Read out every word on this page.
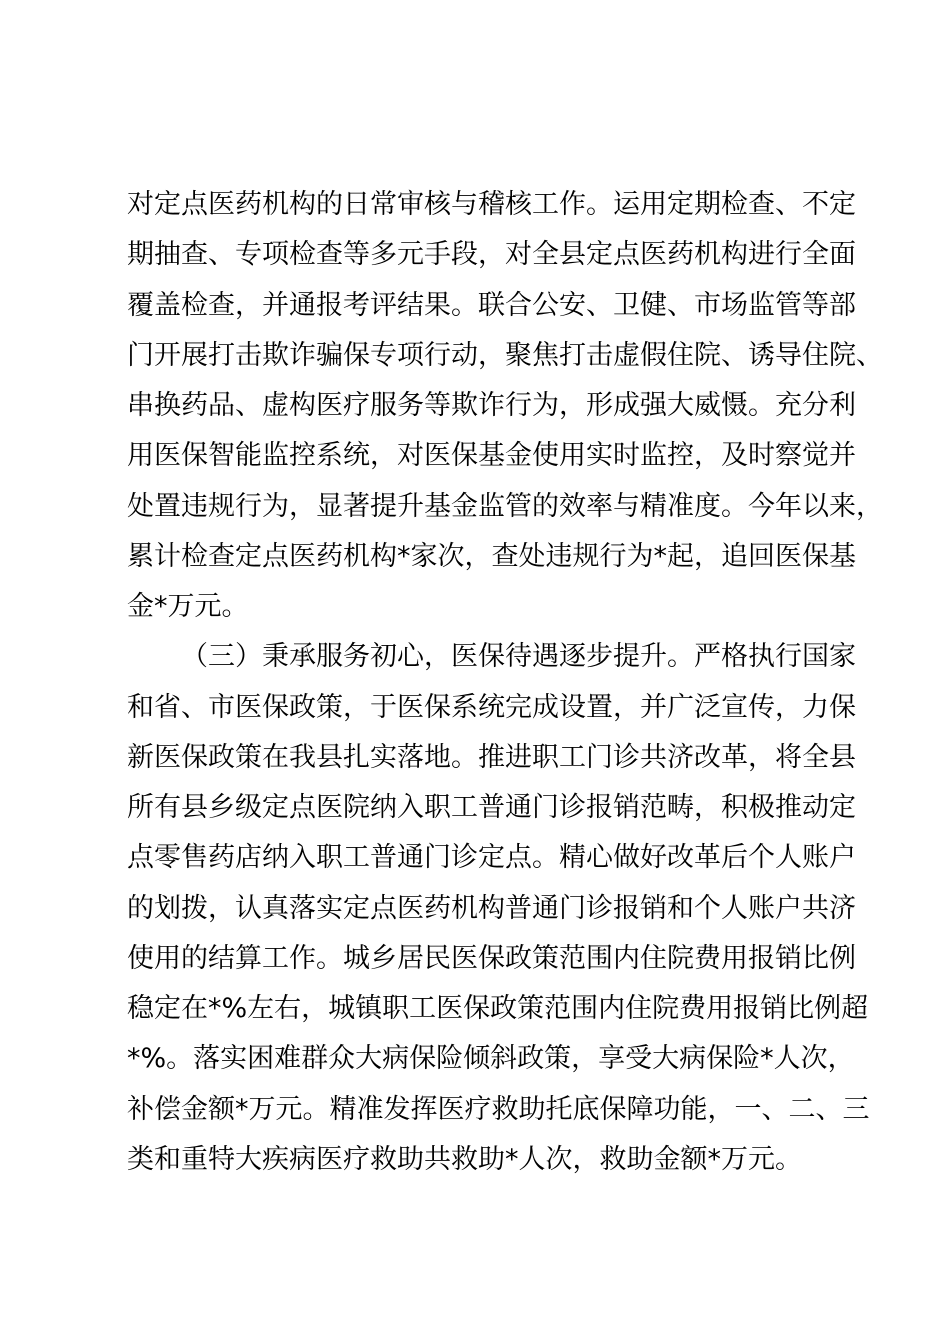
对定点医药机构的日常审核与稽核工作。运用定期检查、不定
期抽查、专项检查等多元手段，对全县定点医药机构进行全面
覆盖检查，并通报考评结果。联合公安、卫健、市场监管等部
门开展打击欺诈骗保专项行动，聚焦打击虚假住院、诱导住院、
串换药品、虚构医疗服务等欺诈行为，形成强大威慑。充分利
用医保智能监控系统，对医保基金使用实时监控，及时察觉并
处置违规行为，显著提升基金监管的效率与精准度。今年以来，
累计检查定点医药机构*家次，查处违规行为*起，追回医保基
金*万元。
（三）秉承服务初心，医保待遇逐步提升。严格执行国家
和省、市医保政策，于医保系统完成设置，并广泛宣传，力保
新医保政策在我县扎实落地。推进职工门诊共济改革，将全县
所有县乡级定点医院纳入职工普通门诊报销范畴，积极推动定
点零售药店纳入职工普通门诊定点。精心做好改革后个人账户
的划拨，认真落实定点医药机构普通门诊报销和个人账户共济
使用的结算工作。城乡居民医保政策范围内住院费用报销比例
稳定在*%左右，城镇职工医保政策范围内住院费用报销比例超
*%。落实困难群众大病保险倾斜政策，享受大病保险*人次，
补偿金额*万元。精准发挥医疗救助托底保障功能，一、二、三
类和重特大疾病医疗救助共救助*人次，救助金额*万元。
